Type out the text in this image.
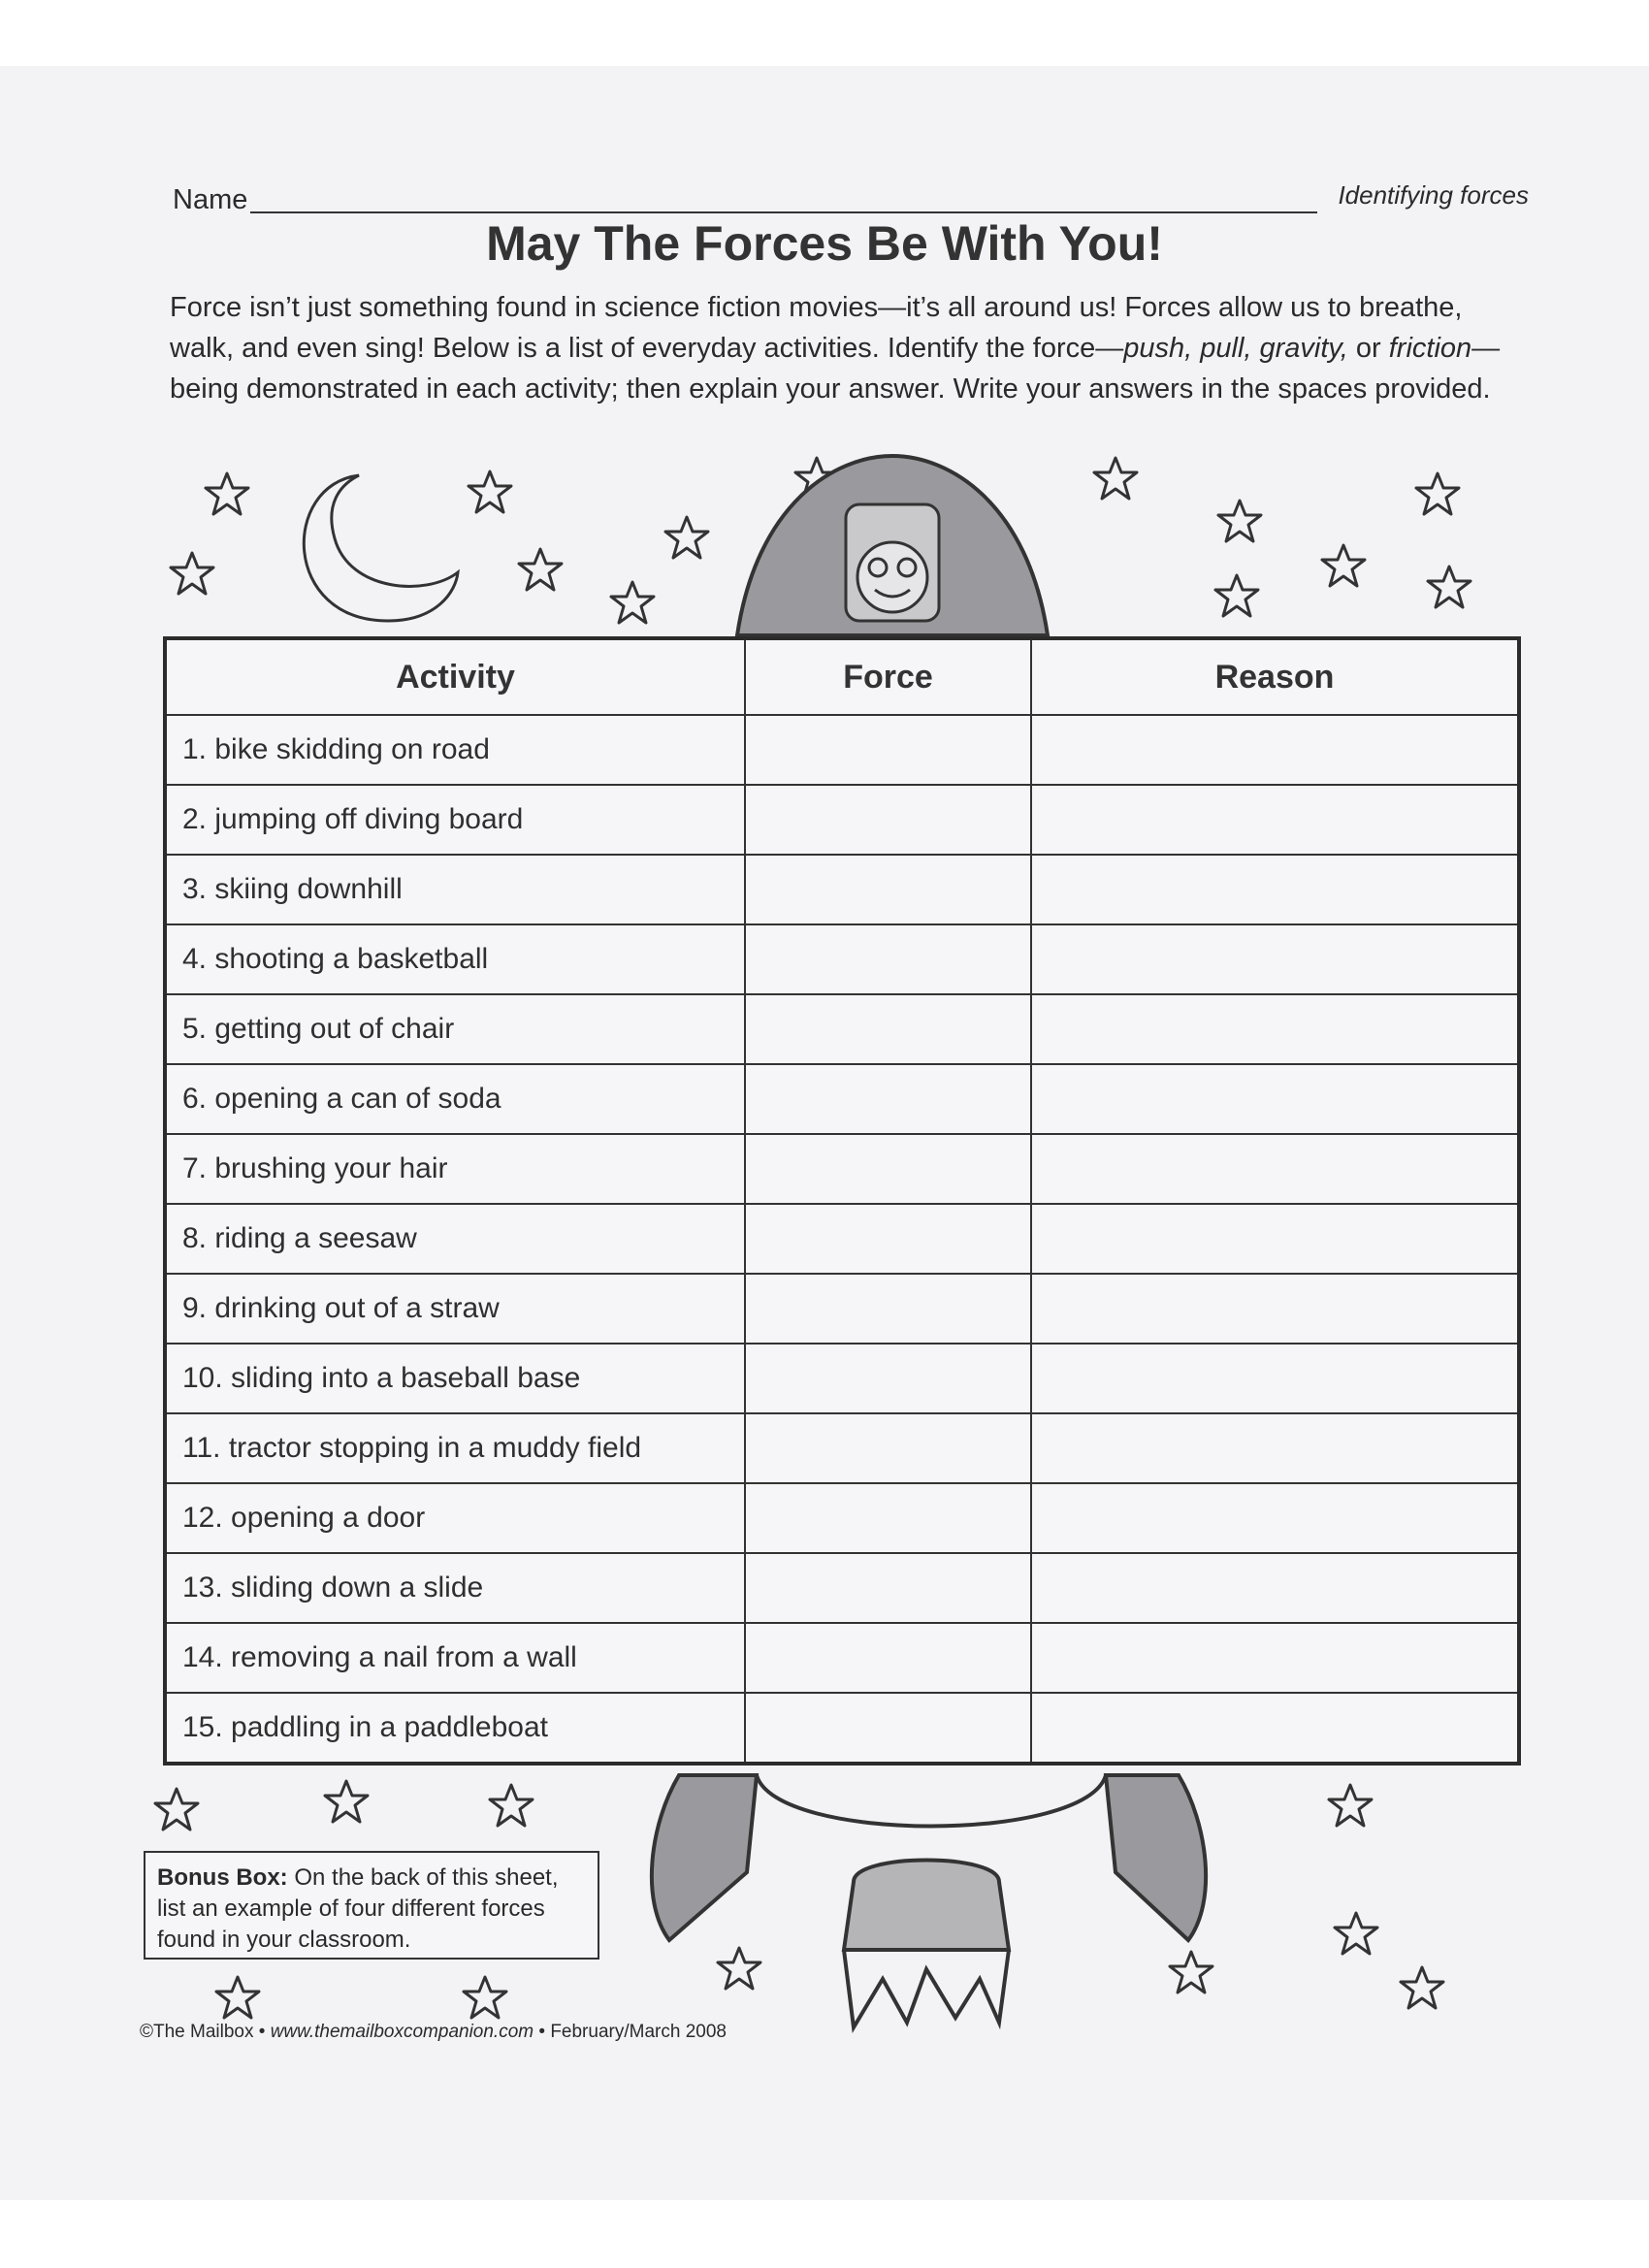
Name	Identifying forces
May The Forces Be With You!
Force isn’t just something found in science fiction movies—it’s all around us! Forces allow us to breathe, walk, and even sing! Below is a list of everyday activities. Identify the force—push, pull, gravity, or friction—being demonstrated in each activity; then explain your answer. Write your answers in the spaces provided.
Activity	Force	Reason
1. bike skidding on road		
2. jumping off diving board		
3. skiing downhill		
4. shooting a basketball		
5. getting out of chair		
6. opening a can of soda		
7. brushing your hair		
8. riding a seesaw		
9. drinking out of a straw		
10. sliding into a baseball base		
11. tractor stopping in a muddy field		
12. opening a door		
13. sliding down a slide		
14. removing a nail from a wall		
15. paddling in a paddleboat		
Bonus Box: On the back of this sheet, list an example of four different forces found in your classroom.
©The Mailbox • www.themailboxcompanion.com • February/March 2008
